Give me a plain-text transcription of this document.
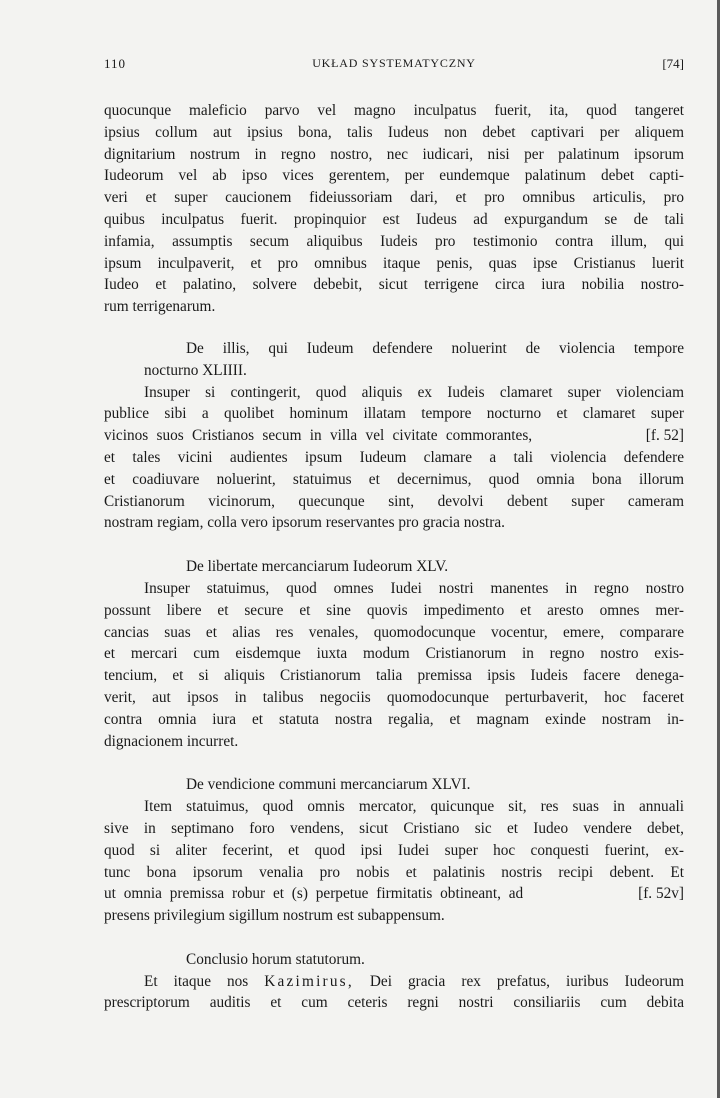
110	UKŁAD SYSTEMATYCZNY	[74]

quocunque maleficio parvo vel magno inculpatus fuerit, ita, quod tangeret

ipsius collum aut ipsius bona, talis Iudeus non debet captivari per aliquem

dignitarium nostrum in regno nostro, nec iudicari, nisi per palatinum ipsorum

Iudeorum vel ab ipso vices gerentem, per eundemque palatinum debet capti-

veri et super caucionem fideiussoriam dari, et pro omnibus articulis, pro

quibus inculpatus fuerit. propinquior est Iudeus ad expurgandum se de tali

infamia, assumptis secum aliquibus Iudeis pro testimonio contra illum, qui

ipsum inculpaverit, et pro omnibus itaque penis, quas ipse Cristianus luerit

Iudeo et palatino, solvere debebit, sicut terrigene circa iura nobilia nostro-

rum terrigenarum.

De illis, qui Iudeum defendere noluerint de violencia tempore

nocturno XLIIII.

Insuper si contingerit, quod aliquis ex Iudeis clamaret super violenciam

publice sibi a quolibet hominum illatam tempore nocturno et clamaret super

vicinos suos Cristianos secum in villa vel civitate commorantes,	[f. 52]

et tales vicini audientes ipsum Iudeum clamare a tali violencia defendere

et coadiuvare noluerint, statuimus et decernimus, quod omnia bona illorum

Cristianorum vicinorum, quecunque sint, devolvi debent super cameram

nostram regiam, colla vero ipsorum reservantes pro gracia nostra.

De libertate mercanciarum Iudeorum XLV.

Insuper statuimus, quod omnes Iudei nostri manentes in regno nostro

possunt libere et secure et sine quovis impedimento et aresto omnes mer-

cancias suas et alias res venales, quomodocunque vocentur, emere, comparare

et mercari cum eisdemque iuxta modum Cristianorum in regno nostro exis-

tencium, et si aliquis Cristianorum talia premissa ipsis Iudeis facere denega-

verit, aut ipsos in talibus negociis quomodocunque perturbaverit, hoc faceret

contra omnia iura et statuta nostra regalia, et magnam exinde nostram in-

dignacionem incurret.

De vendicione communi mercanciarum XLVI.

Item statuimus, quod omnis mercator, quicunque sit, res suas in annuali

sive in septimano foro vendens, sicut Cristiano sic et Iudeo vendere debet,

quod si aliter fecerint, et quod ipsi Iudei super hoc conquesti fuerint, ex-

tunc bona ipsorum venalia pro nobis et palatinis nostris recipi debent. Et

ut omnia premissa robur et (s) perpetue firmitatis obtineant, ad	[f. 52v]

presens privilegium sigillum nostrum est subappensum.

Conclusio horum statutorum.

Et itaque nos Kazimirus, Dei gracia rex prefatus, iuribus Iudeorum

prescriptorum auditis et cum ceteris regni nostri consiliariis cum debita
